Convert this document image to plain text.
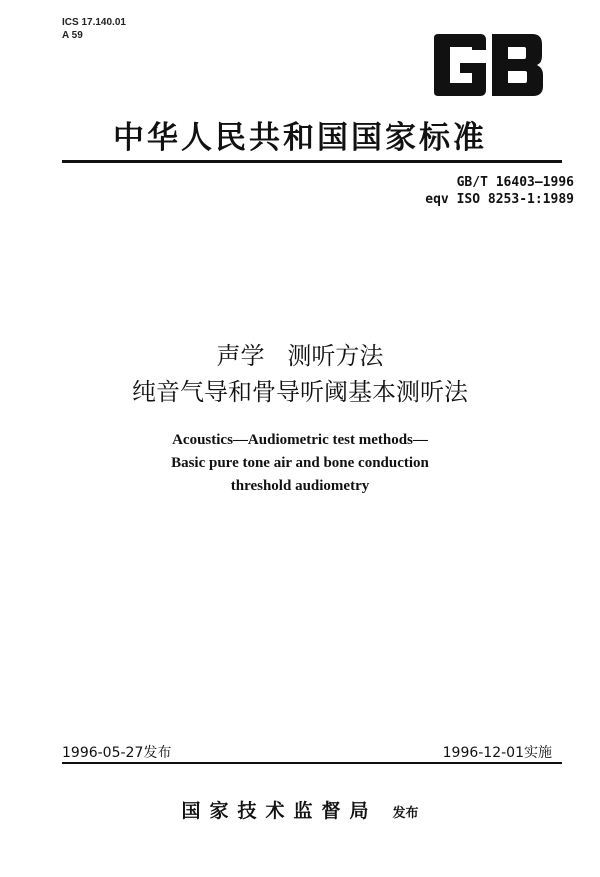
ICS 17.140.01
A 59
中华人民共和国国家标准
GB/T 16403—1996
eqv ISO 8253-1:1989
声学   测听方法
纯音气导和骨导听阈基本测听法
Acoustics—Audiometric test methods—
Basic pure tone air and bone conduction
threshold audiometry
1996-05-27发布	1996-12-01实施
国家技术监督局 发布
